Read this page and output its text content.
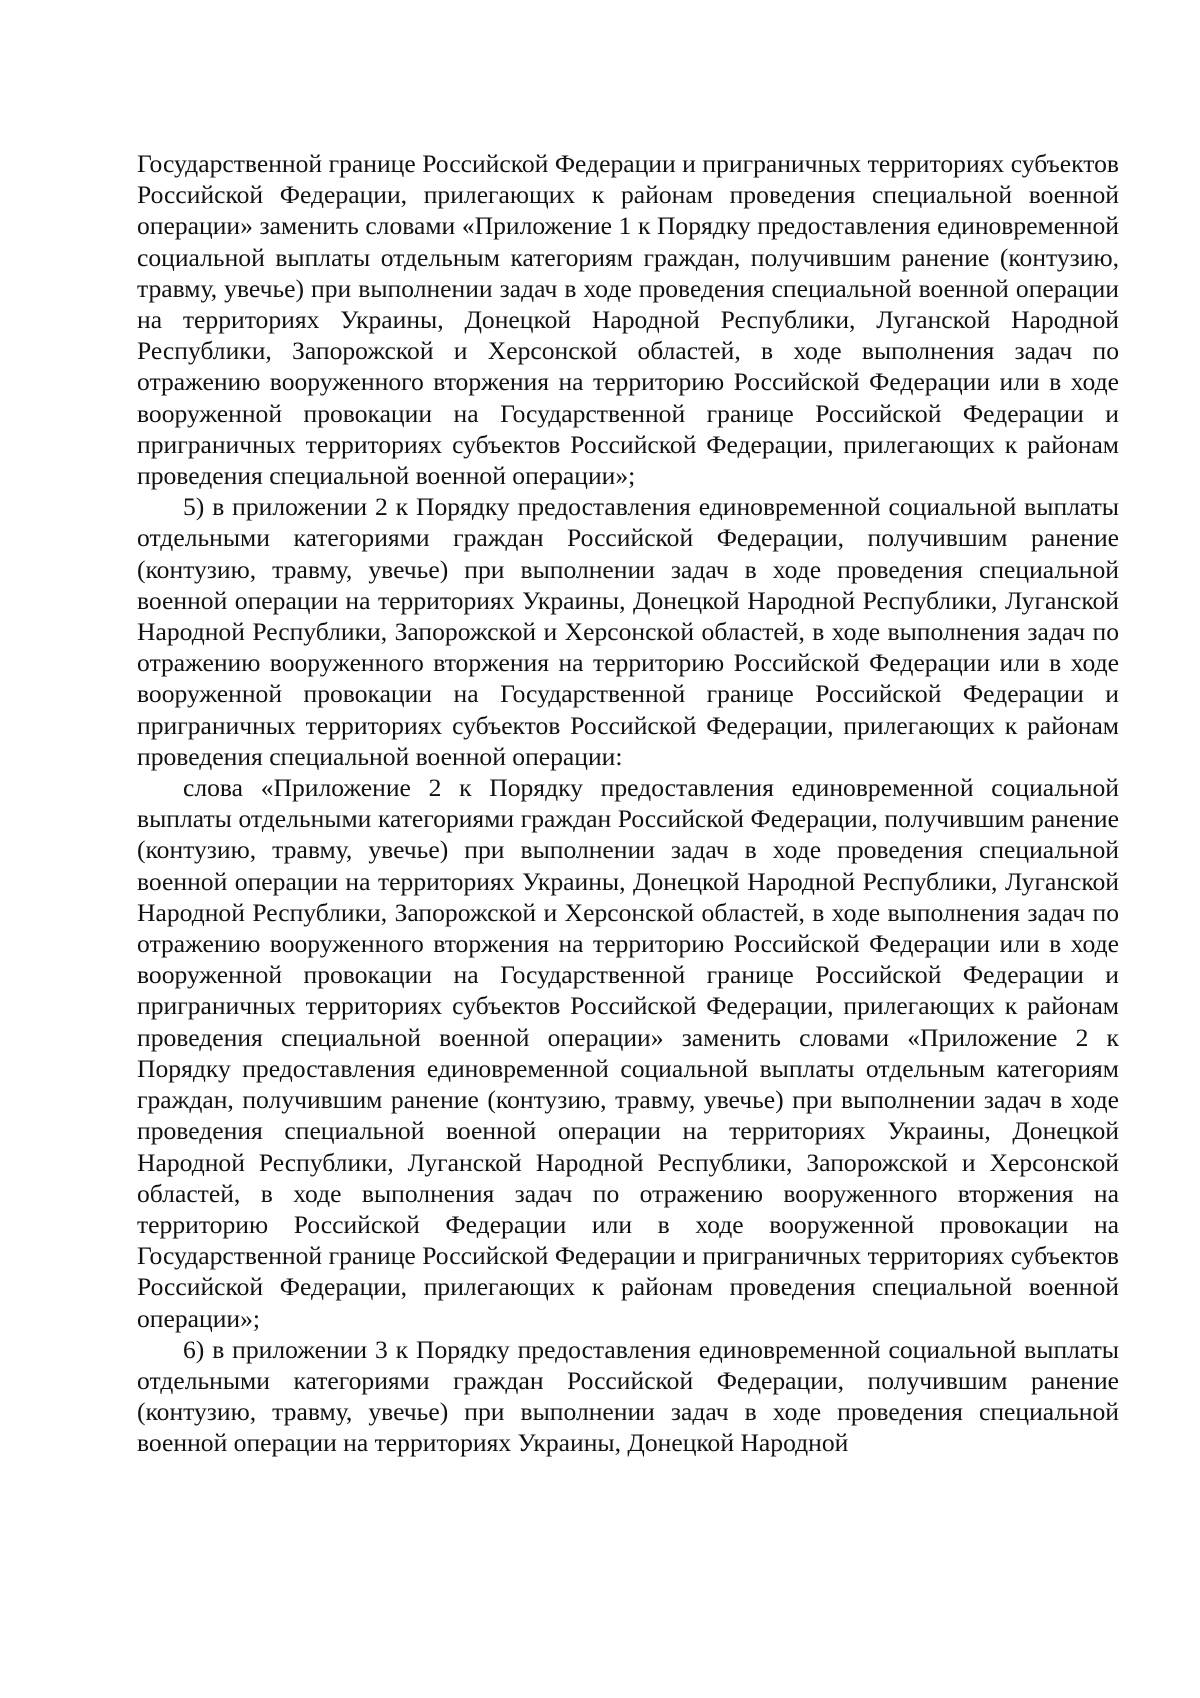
Государственной границе Российской Федерации и приграничных территориях субъектов Российской Федерации, прилегающих к районам проведения специальной военной операции» заменить словами «Приложение 1 к Порядку предоставления единовременной социальной выплаты отдельным категориям граждан, получившим ранение (контузию, травму, увечье) при выполнении задач в ходе проведения специальной военной операции на территориях Украины, Донецкой Народной Республики, Луганской Народной Республики, Запорожской и Херсонской областей, в ходе выполнения задач по отражению вооруженного вторжения на территорию Российской Федерации или в ходе вооруженной провокации на Государственной границе Российской Федерации и приграничных территориях субъектов Российской Федерации, прилегающих к районам проведения специальной военной операции»;

5) в приложении 2 к Порядку предоставления единовременной социальной выплаты отдельными категориями граждан Российской Федерации, получившим ранение (контузию, травму, увечье) при выполнении задач в ходе проведения специальной военной операции на территориях Украины, Донецкой Народной Республики, Луганской Народной Республики, Запорожской и Херсонской областей, в ходе выполнения задач по отражению вооруженного вторжения на территорию Российской Федерации или в ходе вооруженной провокации на Государственной границе Российской Федерации и приграничных территориях субъектов Российской Федерации, прилегающих к районам проведения специальной военной операции:

слова «Приложение 2 к Порядку предоставления единовременной социальной выплаты отдельными категориями граждан Российской Федерации, получившим ранение (контузию, травму, увечье) при выполнении задач в ходе проведения специальной военной операции на территориях Украины, Донецкой Народной Республики, Луганской Народной Республики, Запорожской и Херсонской областей, в ходе выполнения задач по отражению вооруженного вторжения на территорию Российской Федерации или в ходе вооруженной провокации на Государственной границе Российской Федерации и приграничных территориях субъектов Российской Федерации, прилегающих к районам проведения специальной военной операции» заменить словами «Приложение 2 к Порядку предоставления единовременной социальной выплаты отдельным категориям граждан, получившим ранение (контузию, травму, увечье) при выполнении задач в ходе проведения специальной военной операции на территориях Украины, Донецкой Народной Республики, Луганской Народной Республики, Запорожской и Херсонской областей, в ходе выполнения задач по отражению вооруженного вторжения на территорию Российской Федерации или в ходе вооруженной провокации на Государственной границе Российской Федерации и приграничных территориях субъектов Российской Федерации, прилегающих к районам проведения специальной военной операции»;

6) в приложении 3 к Порядку предоставления единовременной социальной выплаты отдельными категориями граждан Российской Федерации, получившим ранение (контузию, травму, увечье) при выполнении задач в ходе проведения специальной военной операции на территориях Украины, Донецкой Народной
